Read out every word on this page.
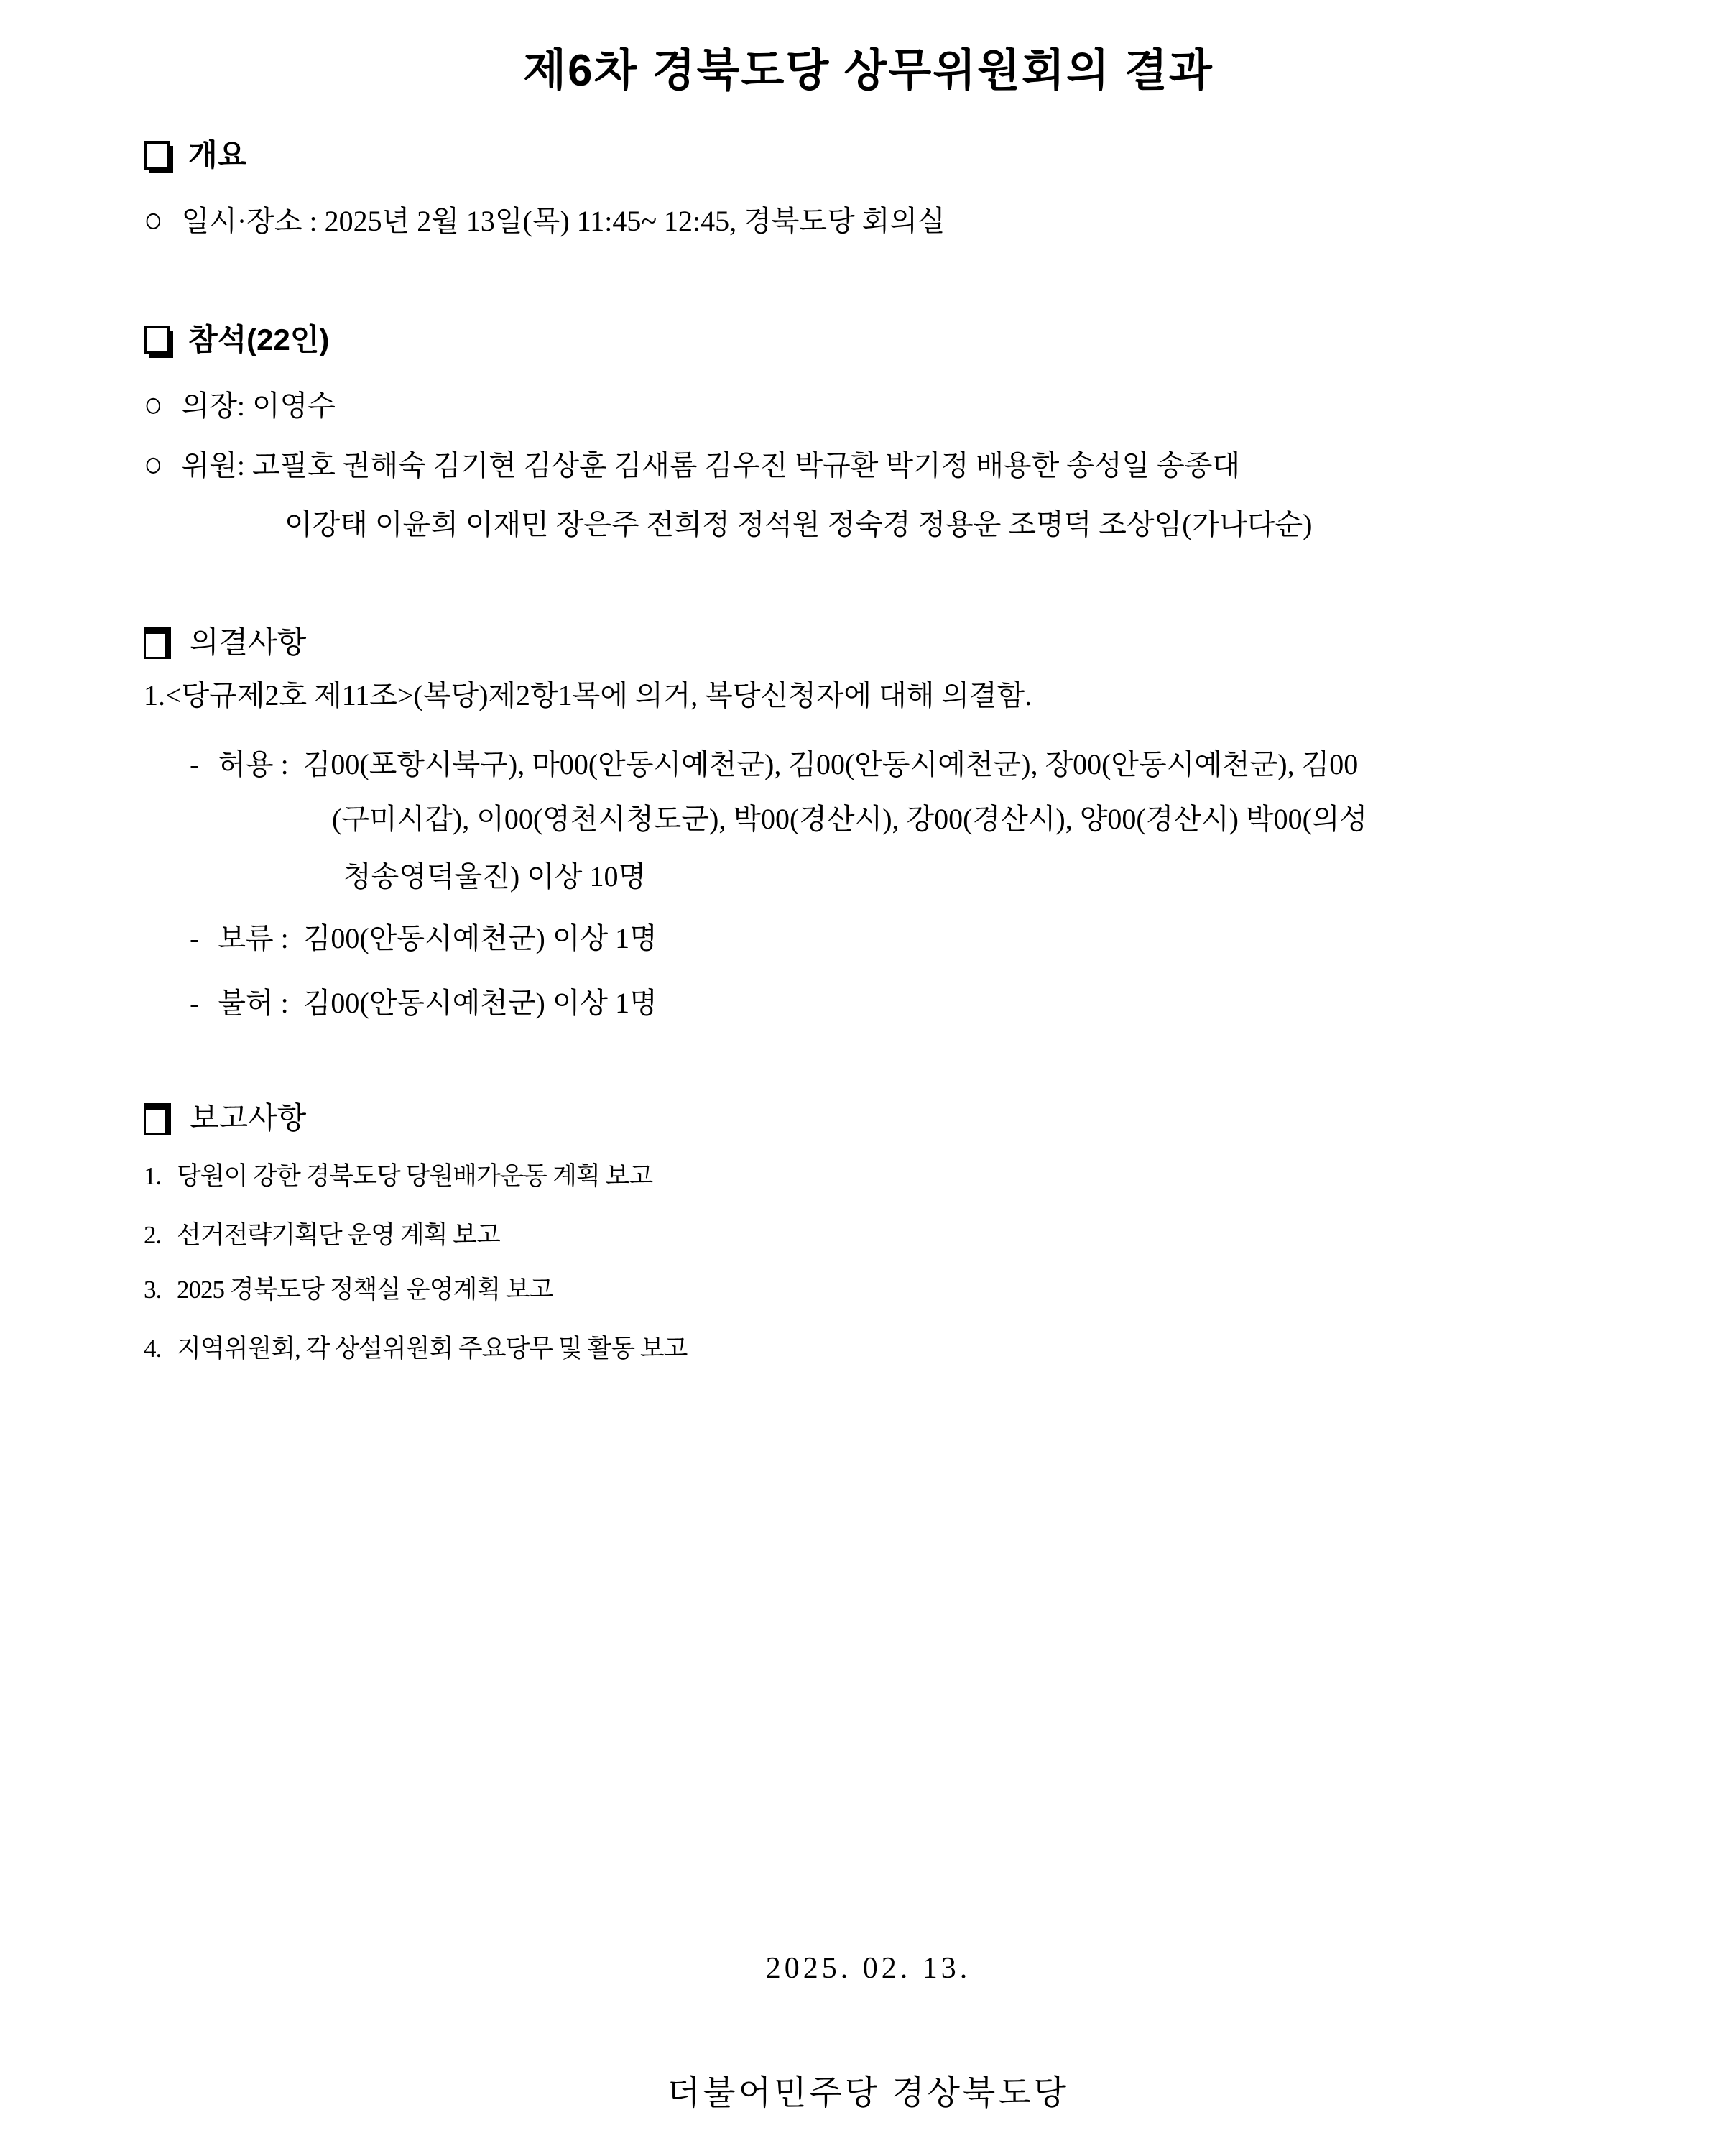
제6차 경북도당 상무위원회의 결과
개요
○ 일시·장소 : 2025년 2월 13일(목) 11:45~ 12:45, 경북도당 회의실
참석(22인)
○ 의장: 이영수
○ 위원: 고필호 권해숙 김기현 김상훈 김새롬 김우진 박규환 박기정 배용한 송성일 송종대
이강태 이윤희 이재민 장은주 전희정 정석원 정숙경 정용운 조명덕 조상임(가나다순)
의결사항
1.<당규제2호 제11조>(복당)제2항1목에 의거, 복당신청자에 대해 의결함.
- 허용 : 김00(포항시북구), 마00(안동시예천군), 김00(안동시예천군), 장00(안동시예천군), 김00
(구미시갑), 이00(영천시청도군), 박00(경산시), 강00(경산시), 양00(경산시) 박00(의성
청송영덕울진) 이상 10명
- 보류 : 김00(안동시예천군) 이상 1명
- 불허 : 김00(안동시예천군) 이상 1명
보고사항
1. 당원이 강한 경북도당 당원배가운동 계획 보고
2. 선거전략기획단 운영 계획 보고
3. 2025 경북도당 정책실 운영계획 보고
4. 지역위원회, 각 상설위원회 주요당무 및 활동 보고
2025. 02. 13.
더불어민주당 경상북도당
